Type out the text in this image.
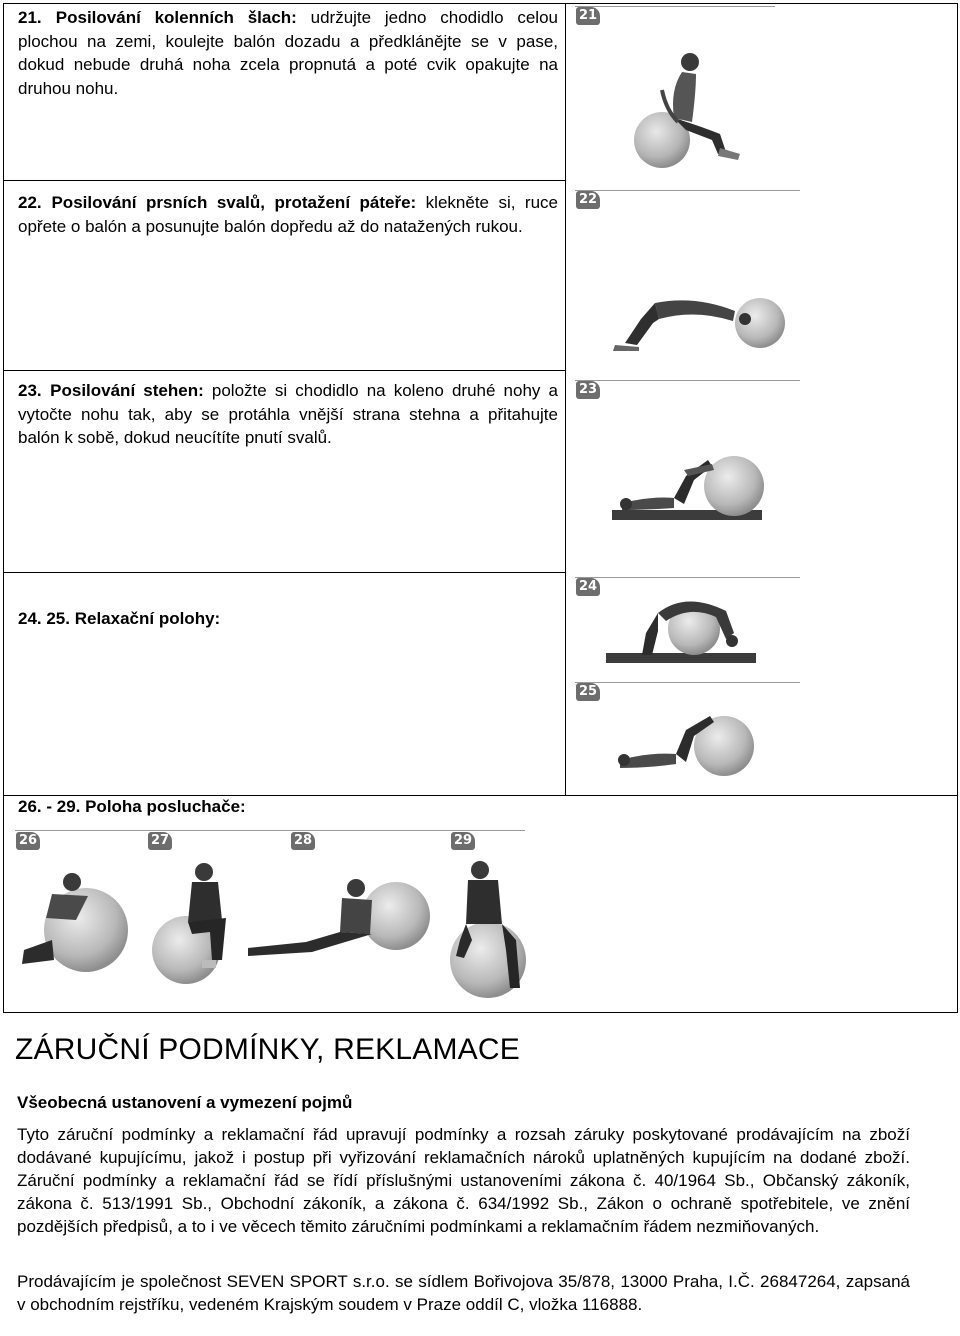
21. Posilování kolenních šlach: udržujte jedno chodidlo celou plochou na zemi, koulejte balón dozadu a předklánějte se v pase, dokud nebude druhá noha zcela propnutá a poté cvik opakujte na druhou nohu.
22. Posilování prsních svalů, protažení páteře: klekněte si, ruce opřete o balón a posunujte balón dopředu až do natažených rukou.
23. Posilování stehen: položte si chodidlo na koleno druhé nohy a vytočte nohu tak, aby se protáhla vnější strana stehna a přitahujte balón k sobě, dokud neucítíte pnutí svalů.
24. 25. Relaxační polohy:
26. - 29. Poloha posluchače:
21
22
23
24
25
26	27	28	29
ZÁRUČNÍ PODMÍNKY, REKLAMACE
Všeobecná ustanovení a vymezení pojmů
Tyto záruční podmínky a reklamační řád upravují podmínky a rozsah záruky poskytované prodávajícím na zboží dodávané kupujícímu, jakož i postup při vyřizování reklamačních nároků uplatněných kupujícím na dodané zboží. Záruční podmínky a reklamační řád se řídí příslušnými ustanoveními zákona č. 40/1964 Sb., Občanský zákoník, zákona č. 513/1991 Sb., Obchodní zákoník, a zákona č. 634/1992 Sb., Zákon o ochraně spotřebitele, ve znění pozdějších předpisů, a to i ve věcech těmito záručními podmínkami a reklamačním řádem nezmiňovaných.
Prodávajícím je společnost SEVEN SPORT s.r.o. se sídlem Bořivojova 35/878, 13000 Praha, I.Č. 26847264, zapsaná v obchodním rejstříku, vedeném Krajským soudem v Praze oddíl C, vložka 116888.
